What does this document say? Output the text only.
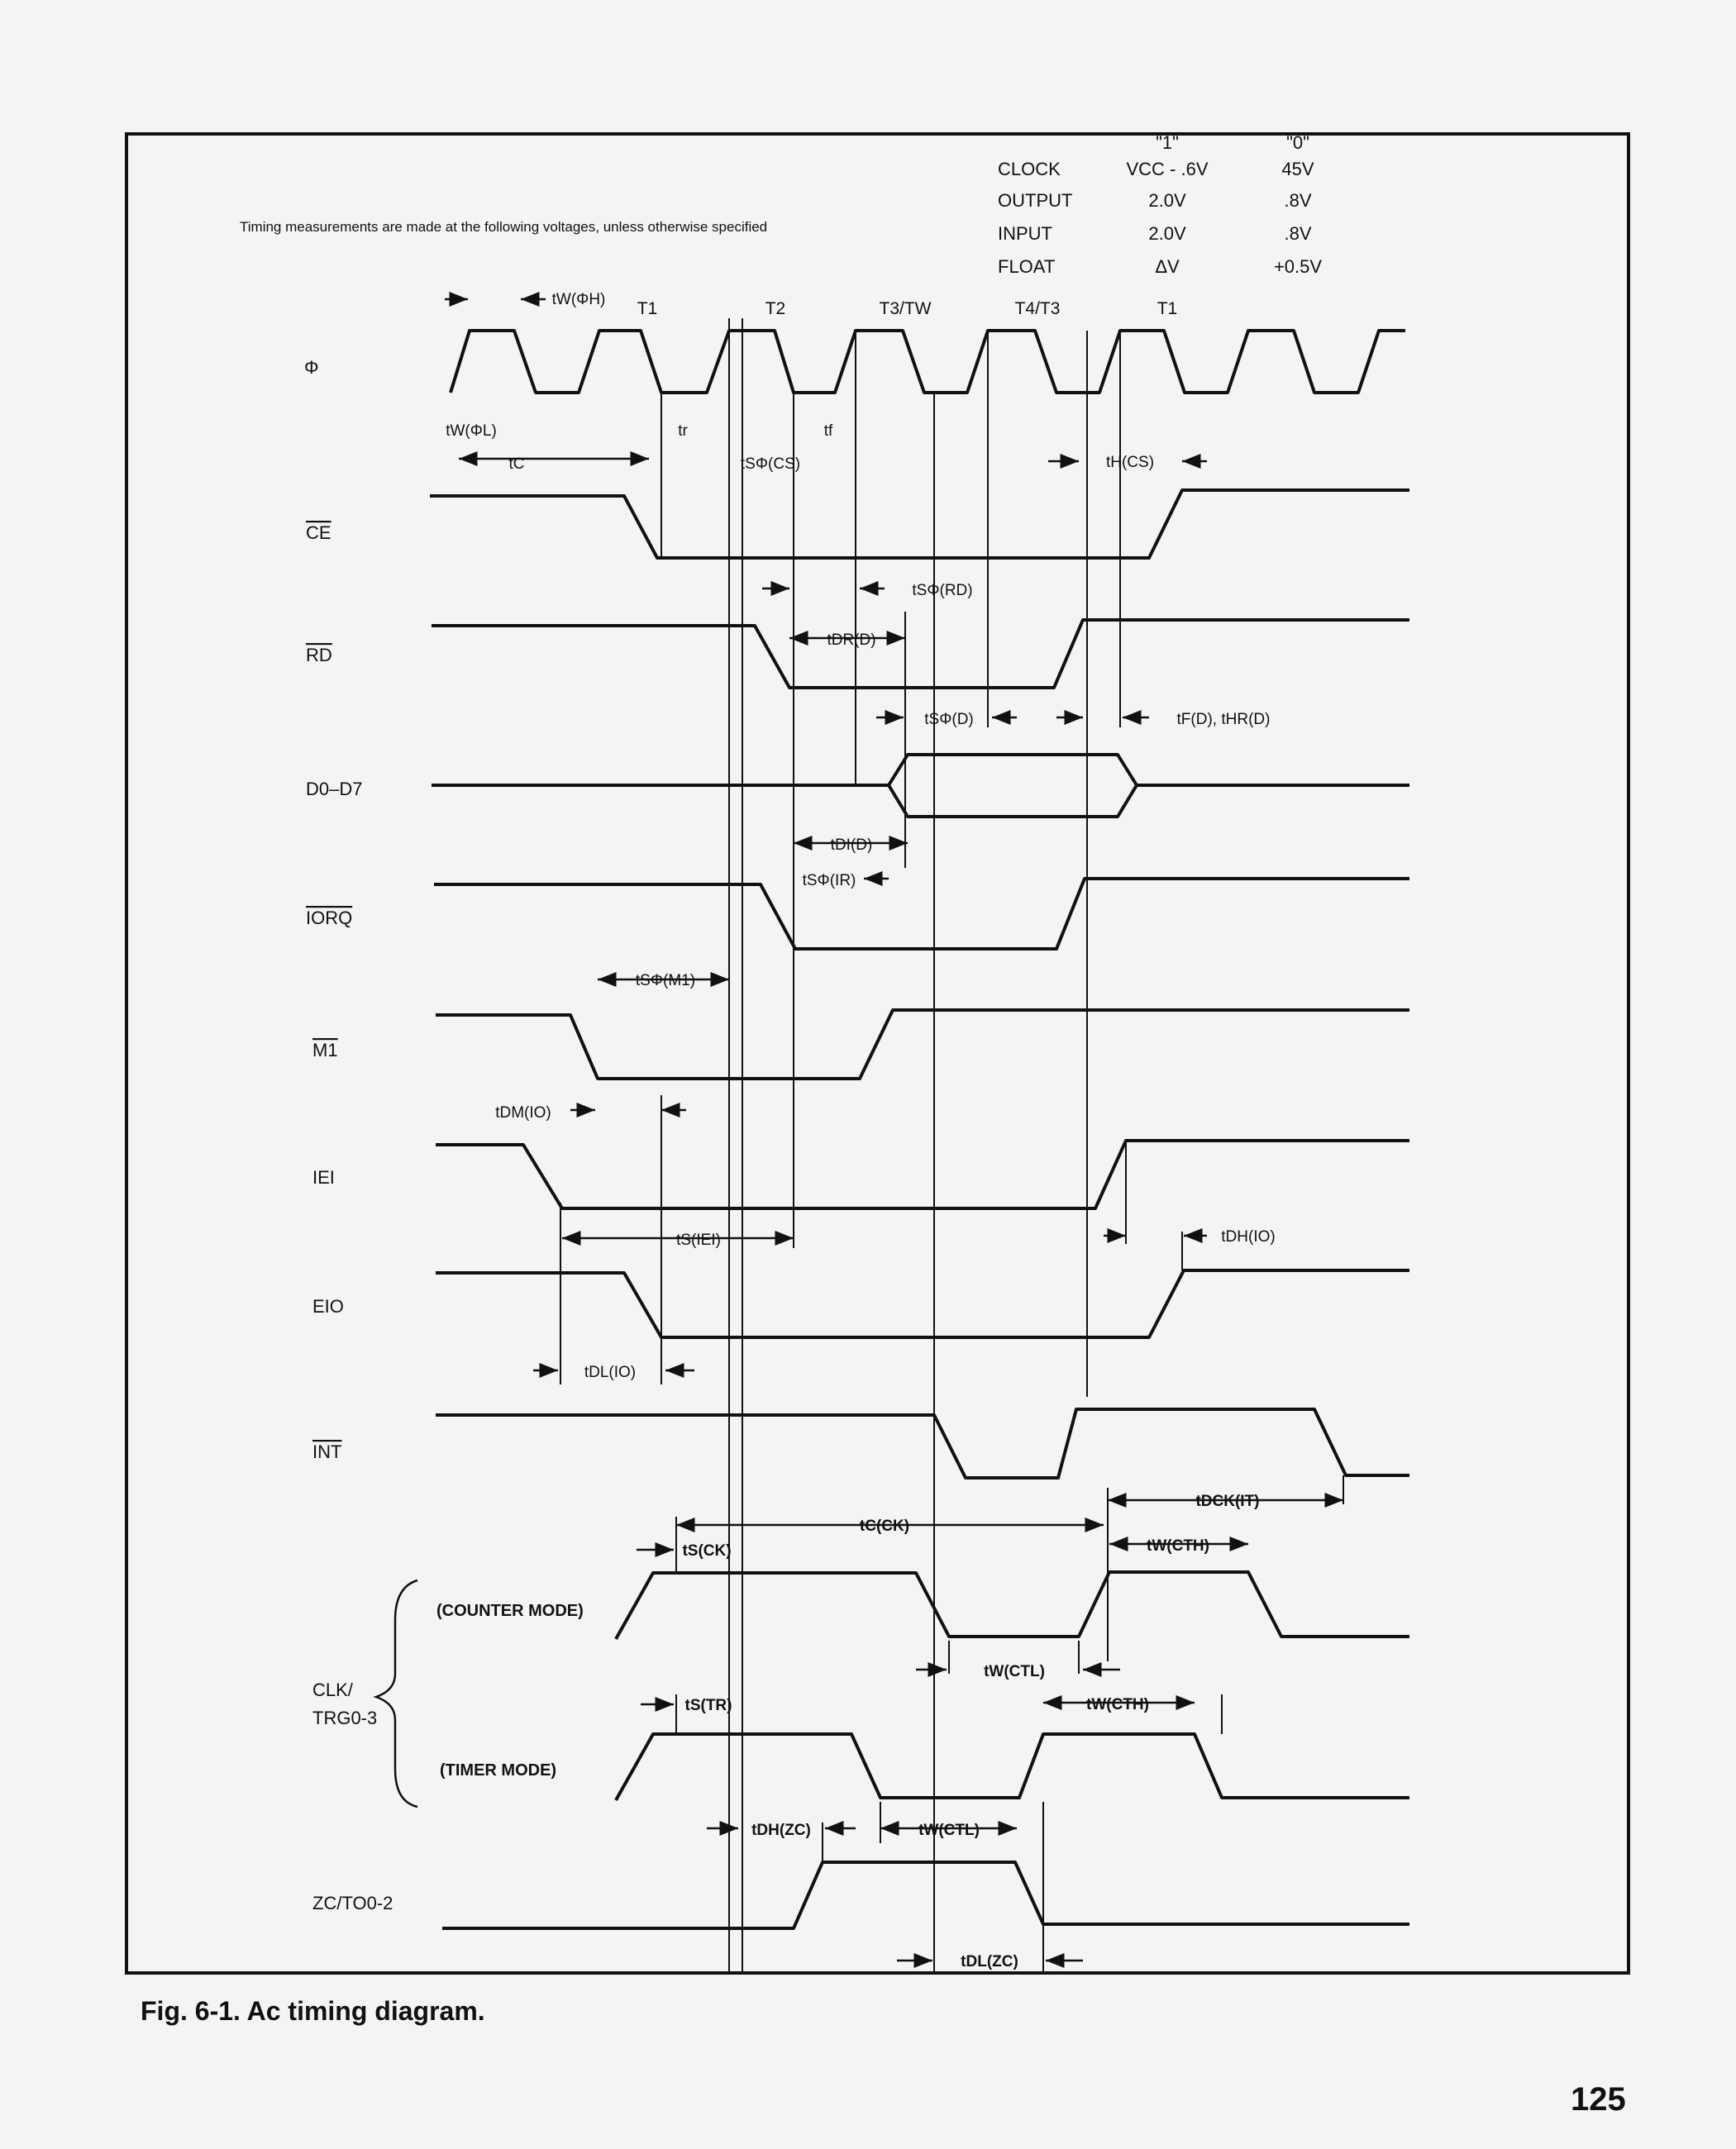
Timing measurements are made at the following voltages, unless otherwise specified
"1"	"0"
CLOCK	VCC - .6V	45V
OUTPUT	2.0V	.8V
INPUT	2.0V	.8V
FLOAT	ΔV	+0.5V
T1	T2	T3/TW	T4/T3	T1
Φ
CE
RD
D0–D7
IORQ
M1
IEI
EIO
INT
CLK/
TRG0-3
(COUNTER MODE)
(TIMER MODE)
ZC/TO0-2
tW(ΦH)
tW(ΦL)
tC
tr	tf
tSΦ(CS)	tH(CS)
tSΦ(RD)
tDR(D)
tSΦ(D)	tF(D), tHR(D)
tDI(D)
tSΦ(IR)
tSΦ(M1)
tDM(IO)
tS(IEI)	tDH(IO)
tDL(IO)
tDCK(IT)
tC(CK)
tS(CK)	tW(CTH)
tW(CTL)
tS(TR)	tW(CTH)
tDH(ZC)	tW(CTL)
tDL(ZC)
Fig. 6-1. Ac timing diagram.
125
